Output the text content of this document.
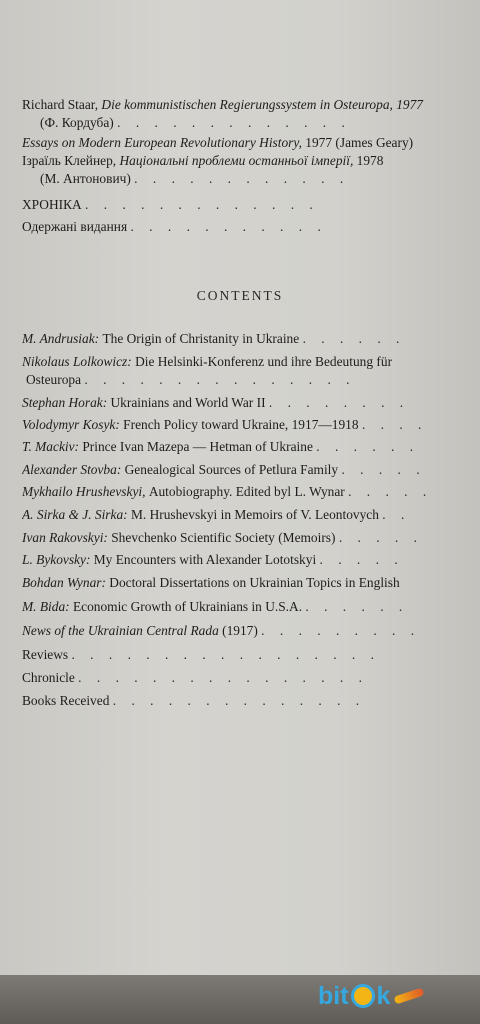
Richard Staar, Die kommunistischen Regierungssystem in Osteuropa, 1977
(Ф. Кордуба) . . . . . . . . . . . . .
Essays on Modern European Revolutionary History, 1977 (James Geary)
Ізраїль Клейнер, Національні проблеми останньої імперії, 1978
(М. Антонович) . . . . . . . . . . . .
ХРОНІКА . . . . . . . . . . . . .
Одержані видання . . . . . . . . . . .
CONTENTS
M. Andrusiak: The Origin of Christanity in Ukraine . . . . . .
Nikolaus Lolkowicz: Die Helsinki-Konferenz und ihre Bedeutung für
Osteuropa . . . . . . . . . . . . . . .
Stephan Horak: Ukrainians and World War II . . . . . . . .
Volodymyr Kosyk: French Policy toward Ukraine, 1917—1918 . . . .
T. Mackiv: Prince Ivan Mazepa — Hetman of Ukraine . . . . . .
Alexander Stovba: Genealogical Sources of Petlura Family . . . . .
Mykhailo Hrushevskyi, Autobiography. Edited byl L. Wynar . . . . .
A. Sirka & J. Sirka: M. Hrushevskyi in Memoirs of V. Leontovych . .
Ivan Rakovskyi: Shevchenko Scientific Society (Memoirs) . . . . .
L. Bykovsky: My Encounters with Alexander Lototskyi . . . . .
Bohdan Wynar: Doctoral Dissertations on Ukrainian Topics in English
M. Bida: Economic Growth of Ukrainians in U.S.A. . . . . . .
News of the Ukrainian Central Rada (1917) . . . . . . . . .
Reviews . . . . . . . . . . . . . . . . .
Chronicle . . . . . . . . . . . . . . . .
Books Received . . . . . . . . . . . . . .
bit k
